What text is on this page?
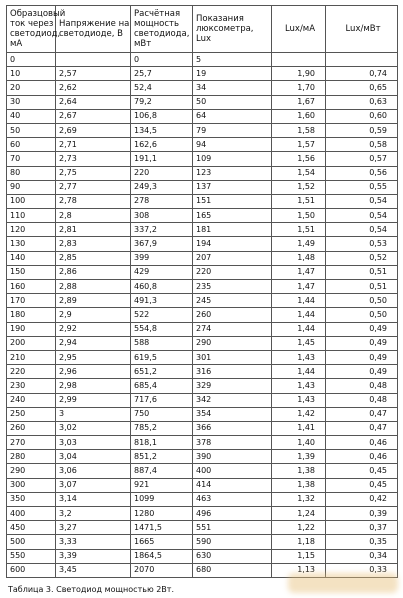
Образцовый ток через светодиод, мА	Напряжение на светодиоде, В	Расчётная мощность светодиода, мВт	Показания люксометра, Lux	Lux/мА	Lux/мВт
0		0	5		
10	2,57	25,7	19	1,90	0,74
20	2,62	52,4	34	1,70	0,65
30	2,64	79,2	50	1,67	0,63
40	2,67	106,8	64	1,60	0,60
50	2,69	134,5	79	1,58	0,59
60	2,71	162,6	94	1,57	0,58
70	2,73	191,1	109	1,56	0,57
80	2,75	220	123	1,54	0,56
90	2,77	249,3	137	1,52	0,55
100	2,78	278	151	1,51	0,54
110	2,8	308	165	1,50	0,54
120	2,81	337,2	181	1,51	0,54
130	2,83	367,9	194	1,49	0,53
140	2,85	399	207	1,48	0,52
150	2,86	429	220	1,47	0,51
160	2,88	460,8	235	1,47	0,51
170	2,89	491,3	245	1,44	0,50
180	2,9	522	260	1,44	0,50
190	2,92	554,8	274	1,44	0,49
200	2,94	588	290	1,45	0,49
210	2,95	619,5	301	1,43	0,49
220	2,96	651,2	316	1,44	0,49
230	2,98	685,4	329	1,43	0,48
240	2,99	717,6	342	1,43	0,48
250	3	750	354	1,42	0,47
260	3,02	785,2	366	1,41	0,47
270	3,03	818,1	378	1,40	0,46
280	3,04	851,2	390	1,39	0,46
290	3,06	887,4	400	1,38	0,45
300	3,07	921	414	1,38	0,45
350	3,14	1099	463	1,32	0,42
400	3,2	1280	496	1,24	0,39
450	3,27	1471,5	551	1,22	0,37
500	3,33	1665	590	1,18	0,35
550	3,39	1864,5	630	1,15	0,34
600	3,45	2070	680	1,13	0,33
Таблица 3. Светодиод мощностью 2Вт.
